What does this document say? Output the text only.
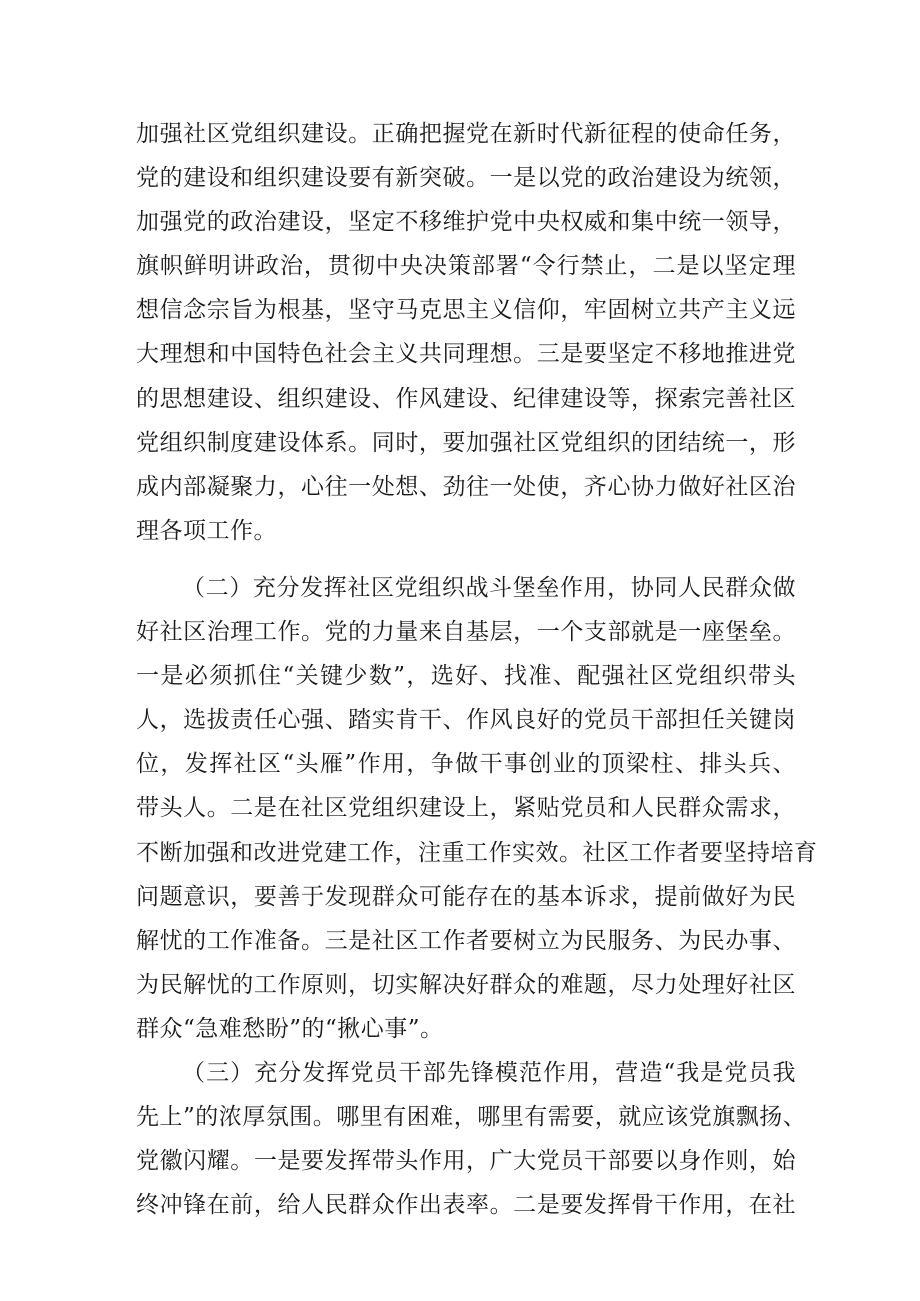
加强社区党组织建设。正确把握党在新时代新征程的使命任务，
党的建设和组织建设要有新突破。一是以党的政治建设为统领，
加强党的政治建设，坚定不移维护党中央权威和集中统一领导，
旗帜鲜明讲政治，贯彻中央决策部署“令行禁止，二是以坚定理
想信念宗旨为根基，坚守马克思主义信仰，牢固树立共产主义远
大理想和中国特色社会主义共同理想。三是要坚定不移地推进党
的思想建设、组织建设、作风建设、纪律建设等，探索完善社区
党组织制度建设体系。同时，要加强社区党组织的团结统一，形
成内部凝聚力，心往一处想、劲往一处使，齐心协力做好社区治
理各项工作。
（二）充分发挥社区党组织战斗堡垒作用，协同人民群众做
好社区治理工作。党的力量来自基层，一个支部就是一座堡垒。
一是必须抓住“关键少数”，选好、找准、配强社区党组织带头
人，选拔责任心强、踏实肯干、作风良好的党员干部担任关键岗
位，发挥社区“头雁”作用，争做干事创业的顶梁柱、排头兵、
带头人。二是在社区党组织建设上，紧贴党员和人民群众需求，
不断加强和改进党建工作，注重工作实效。社区工作者要坚持培育
问题意识，要善于发现群众可能存在的基本诉求，提前做好为民
解忧的工作准备。三是社区工作者要树立为民服务、为民办事、
为民解忧的工作原则，切实解决好群众的难题，尽力处理好社区
群众“急难愁盼”的“揪心事”。
（三）充分发挥党员干部先锋模范作用，营造“我是党员我
先上”的浓厚氛围。哪里有困难，哪里有需要，就应该党旗飘扬、
党徽闪耀。一是要发挥带头作用，广大党员干部要以身作则，始
终冲锋在前，给人民群众作出表率。二是要发挥骨干作用，在社
